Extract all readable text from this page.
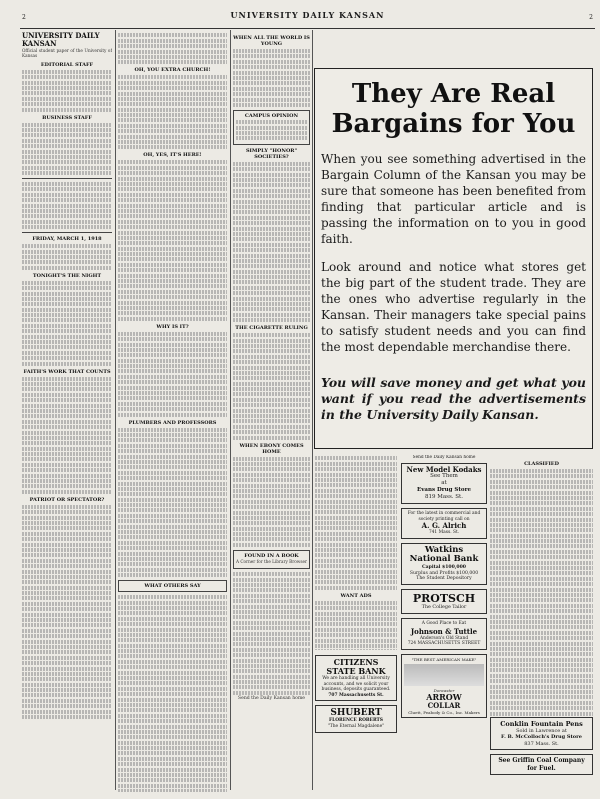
2	UNIVERSITY DAILY KANSAN	2
UNIVERSITY DAILY KANSAN
Official student paper of the University of Kansas
EDITORIAL STAFF
BUSINESS STAFF
FRIDAY, MARCH 1, 1918
TONIGHT'S THE NIGHT
FAITH'S WORK THAT COUNTS
PATRIOT OR SPECTATOR?
OH, YOU EXTRA CHURCH!
OH, YES, IT'S HERE!
WHY IS IT?
PLUMBERS AND PROFESSORS
WHAT OTHERS SAY
WHEN ALL THE WORLD IS YOUNG
CAMPUS OPINION
SIMPLY "HONOR" SOCIETIES?
THE CIGARETTE RULING
WHEN EBONY COMES HOME
FOUND IN A BOOK
A Corner for the Library Browser
Send the Daily Kansan home
They Are Real
Bargains for You

When you see something advertised in the Bargain Column of the Kansan you may be sure that someone has been benefited from finding that particular article and is passing the information on to you in good faith.

Look around and notice what stores get the big part of the student trade. They are the ones who advertise regularly in the Kansan. Their managers take special pains to satisfy student needs and you can find the most dependable merchandise there.

You will save money and get what you want if you read the advertisements in the University Daily Kansan.

WANT ADS
CITIZENS STATE BANK
We are handling all University accounts, and we solicit your business, deposits guaranteed.
707 Massachusetts St.
SHUBERT
FLORENCE ROBERTS
"The Eternal Magdalene"
Send the Daily Kansan home
New Model Kodaks
See Them
at
Evans Drug Store
819 Mass. St.
For the latest in commercial and society printing call on
A. G. Alrich
741 Mass. St.
Watkins
National Bank
Capital $100,000
Surplus and Profits $100,000
The Student Depository
PROTSCH
The College Tailor
A Good Place to Eat
Johnson & Tuttle
Anderson's Old Stand
724 MASSACHUSETTS STREET
"THE BEST AMERICAN MAKE"
Doncaster
ARROW
COLLAR
Cluett, Peabody & Co., Inc. Makers
CLASSIFIED
Conklin Fountain Pens
Sold in Lawrence at
F. B. McColloch's Drug Store
837 Mass. St.
See Griffin Coal Company for Fuel.
